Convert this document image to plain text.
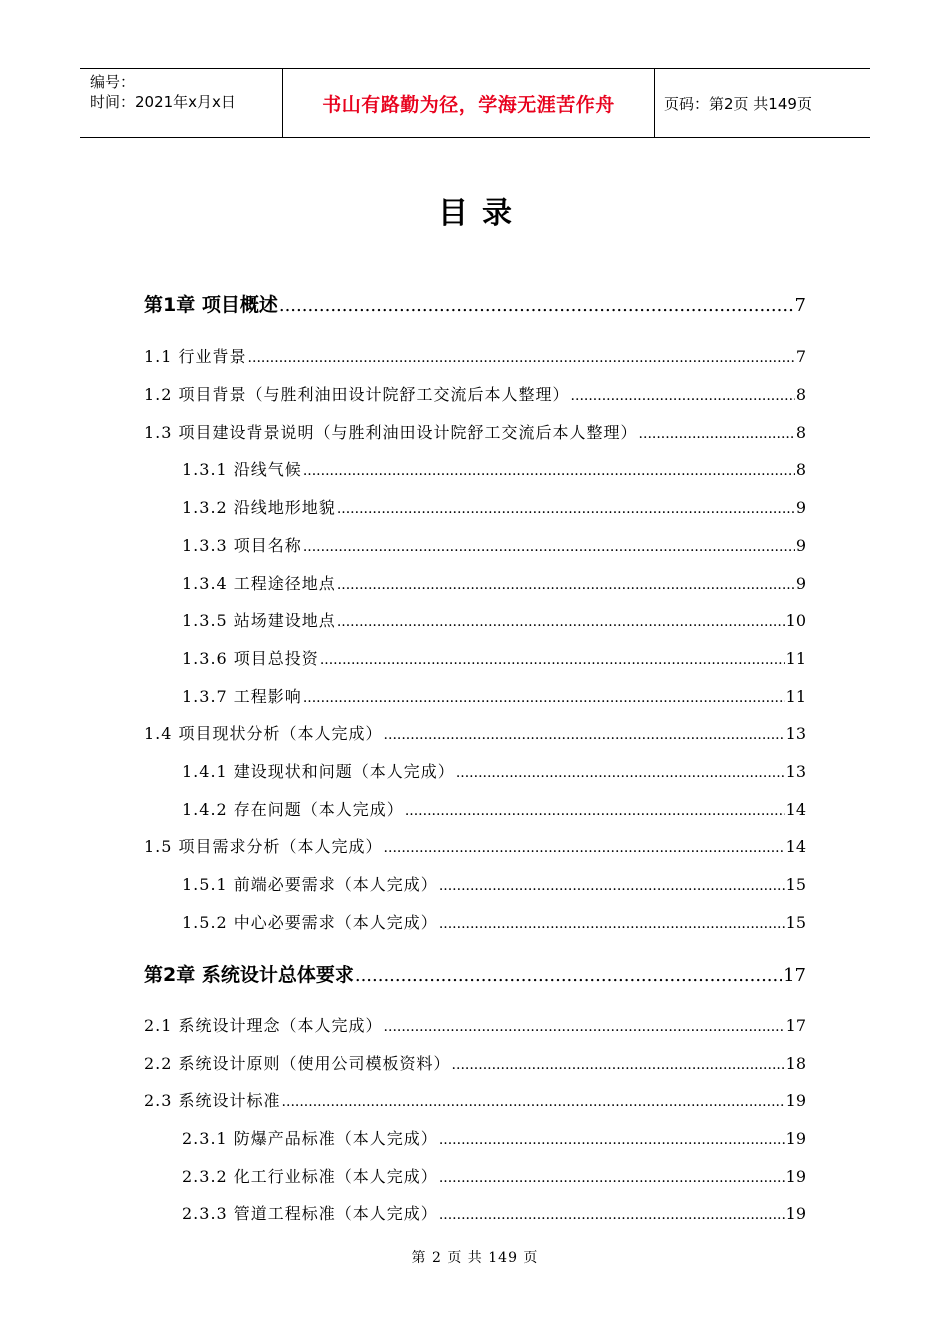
编号：
时间：2021年x月x日	书山有路勤为径，学海无涯苦作舟	页码：第2页 共149页
目录
第1章 项目概述 .....	7
1.1 行业背景 .....	7
1.2 项目背景（与胜利油田设计院舒工交流后本人整理） .....	8
1.3 项目建设背景说明（与胜利油田设计院舒工交流后本人整理） .....	8
1.3.1 沿线气候 .....	8
1.3.2 沿线地形地貌 .....	9
1.3.3 项目名称 .....	9
1.3.4 工程途径地点 .....	9
1.3.5 站场建设地点 .....	10
1.3.6 项目总投资 .....	11
1.3.7 工程影响 .....	11
1.4 项目现状分析（本人完成） .....	13
1.4.1 建设现状和问题（本人完成） .....	13
1.4.2 存在问题（本人完成） .....	14
1.5 项目需求分析（本人完成） .....	14
1.5.1 前端必要需求（本人完成） .....	15
1.5.2 中心必要需求（本人完成） .....	15
第2章 系统设计总体要求 .....	17
2.1 系统设计理念（本人完成） .....	17
2.2 系统设计原则（使用公司模板资料） .....	18
2.3 系统设计标准 .....	19
2.3.1 防爆产品标准（本人完成） .....	19
2.3.2 化工行业标准（本人完成） .....	19
2.3.3 管道工程标准（本人完成） .....	19
第 2 页 共 149 页
